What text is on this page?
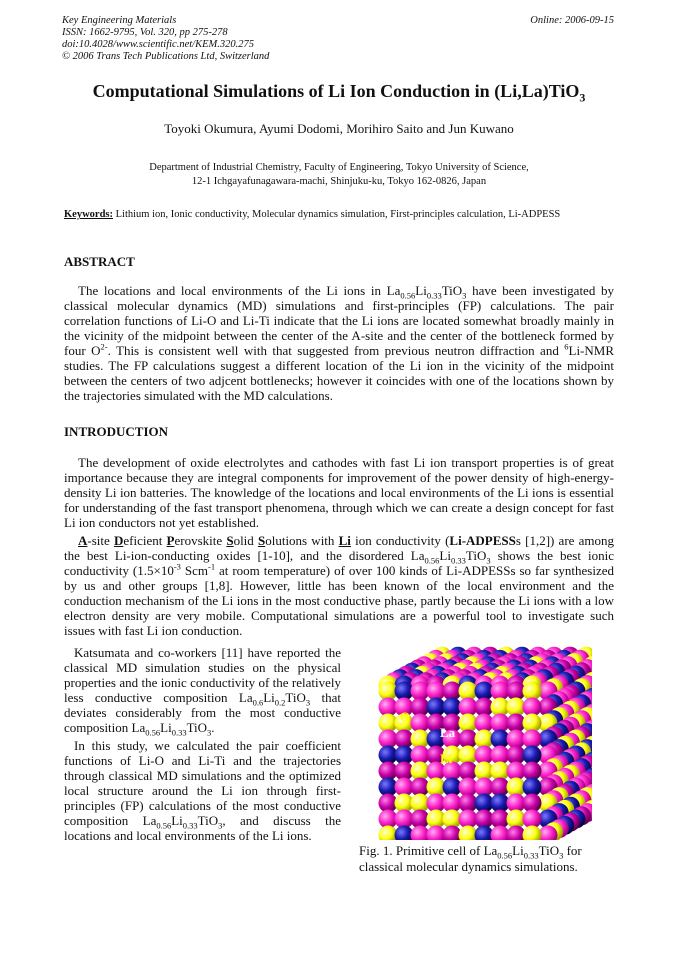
Key Engineering Materials
ISSN: 1662-9795, Vol. 320, pp 275-278
doi:10.4028/www.scientific.net/KEM.320.275
© 2006 Trans Tech Publications Ltd, Switzerland
Online: 2006-09-15
Computational Simulations of Li Ion Conduction in (Li,La)TiO$_3$
Toyoki Okumura, Ayumi Dodomi, Morihiro Saito and Jun Kuwano
Department of Industrial Chemistry, Faculty of Engineering, Tokyo University of Science,
12-1 Ichgayafunagawara-machi, Shinjuku-ku, Tokyo 162-0826, Japan
Keywords: Lithium ion, Ionic conductivity, Molecular dynamics simulation, First-principles calculation, Li-ADPESS
ABSTRACT
The locations and local environments of the Li ions in $La_{0.56}Li_{0.33}TiO_3$ have been investigated by classical molecular dynamics (MD) simulations and first-principles (FP) calculations. The pair correlation functions of Li-O and Li-Ti indicate that the Li ions are located somewhat broadly mainly in the vicinity of the midpoint between the center of the A-site and the center of the bottleneck formed by four $O^{2-}$. This is consistent well with that suggested from previous neutron diffraction and $^6$Li-NMR studies. The FP calculations suggest a different location of the Li ion in the vicinity of the midpoint between the centers of two adjcent bottlenecks; however it coincides with one of the locations shown by the trajectories simulated with the MD calculations.
INTRODUCTION
The development of oxide electrolytes and cathodes with fast Li ion transport properties is of great importance because they are integral components for improvement of the power density of high-energy-density Li ion batteries. The knowledge of the locations and local environments of the Li ions is essential for understanding of the fast transport phenomena, through which we can create a design concept for fast Li ion conductors not yet established.
A-site Deficient Perovskite Solid Solutions with Li ion conductivity (Li-ADPESSs [1,2]) are among the best Li-ion-conducting oxides [1-10], and the disordered $La_{0.56}Li_{0.33}TiO_3$ shows the best ionic conductivity ($1.5\times 10^{-3}$ Scm$^{-1}$ at room temperature) of over 100 kinds of Li-ADPESSs so far synthesized by us and other groups [1,8]. However, little has been known of the local environment and the conduction mechanism of the Li ions in the most conductive phase, partly because the Li ions with a low electron density are very mobile. Computational simulations are a powerful tool to investigate such issues with fast Li ion conduction.
Katsumata and co-workers [11] have reported the classical MD simulation studies on the physical properties and the ionic conductivity of the relatively less conductive composition $La_{0.6}Li_{0.2}TiO_3$ that deviates considerably from the most conductive composition $La_{0.56}Li_{0.33}TiO_3$.
In this study, we calculated the pair coefficient functions of Li-O and Li-Ti and the trajectories through classical MD simulations and the optimized local structure around the Li ion through first-principles (FP) calculations of the most conductive composition $La_{0.56}Li_{0.33}TiO_3$, and discuss the locations and local environments of the Li ions.
O
La
Li
Fig. 1. Primitive cell of $La_{0.56}Li_{0.33}TiO_3$ for classical molecular dynamics simulations.
